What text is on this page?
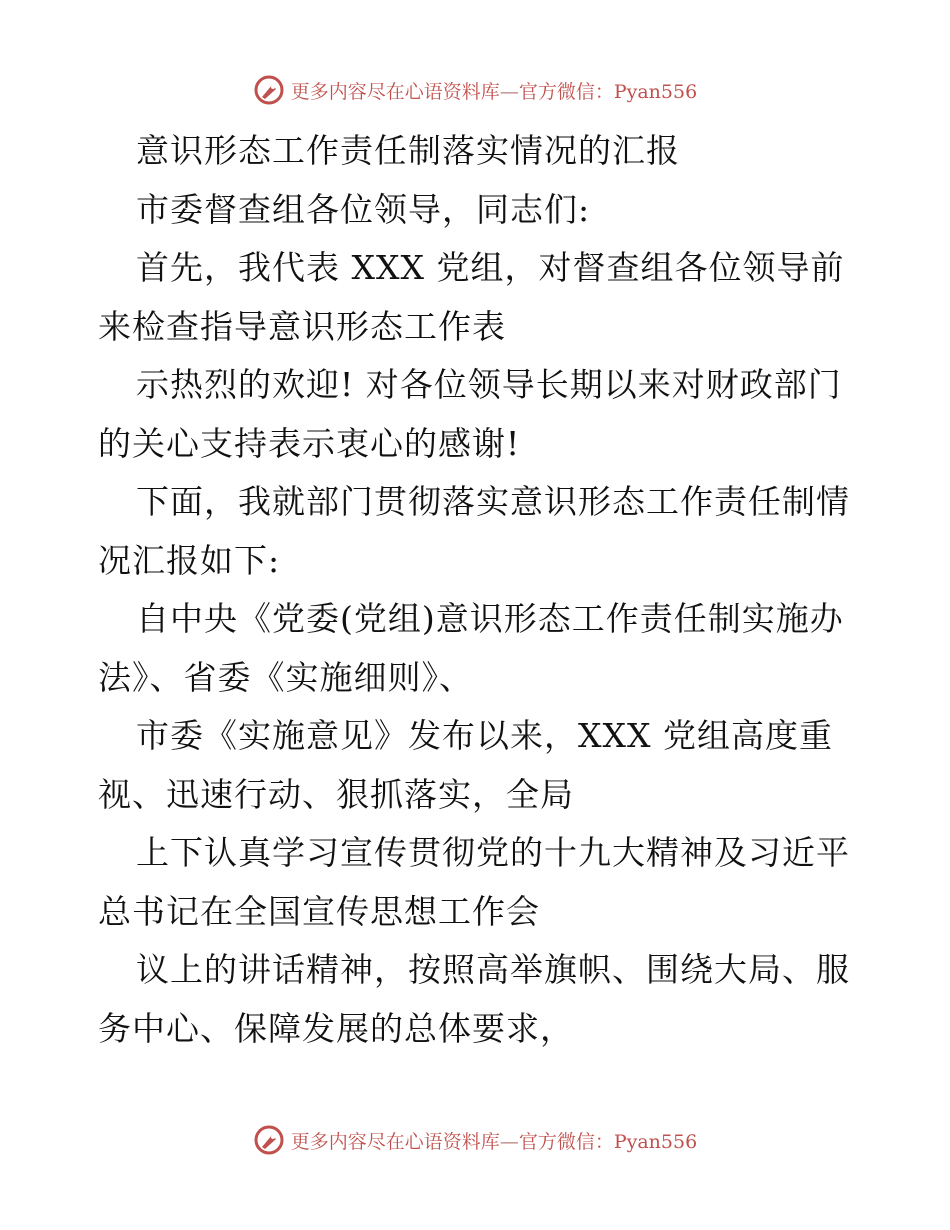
更多内容尽在心语资料库—官方微信：Pyan556
意识形态工作责任制落实情况的汇报
市委督查组各位领导，同志们:
首先，我代表 XXX 党组，对督查组各位领导前
来检查指导意识形态工作表
示热烈的欢迎! 对各位领导长期以来对财政部门
的关心支持表示衷心的感谢!
下面，我就部门贯彻落实意识形态工作责任制情
况汇报如下:
自中央《党委(党组)意识形态工作责任制实施办
法》、省委《实施细则》、
市委《实施意见》发布以来，XXX 党组高度重
视、迅速行动、狠抓落实，全局
上下认真学习宣传贯彻党的十九大精神及习近平
总书记在全国宣传思想工作会
议上的讲话精神，按照高举旗帜、围绕大局、服
务中心、保障发展的总体要求，
更多内容尽在心语资料库—官方微信：Pyan556
